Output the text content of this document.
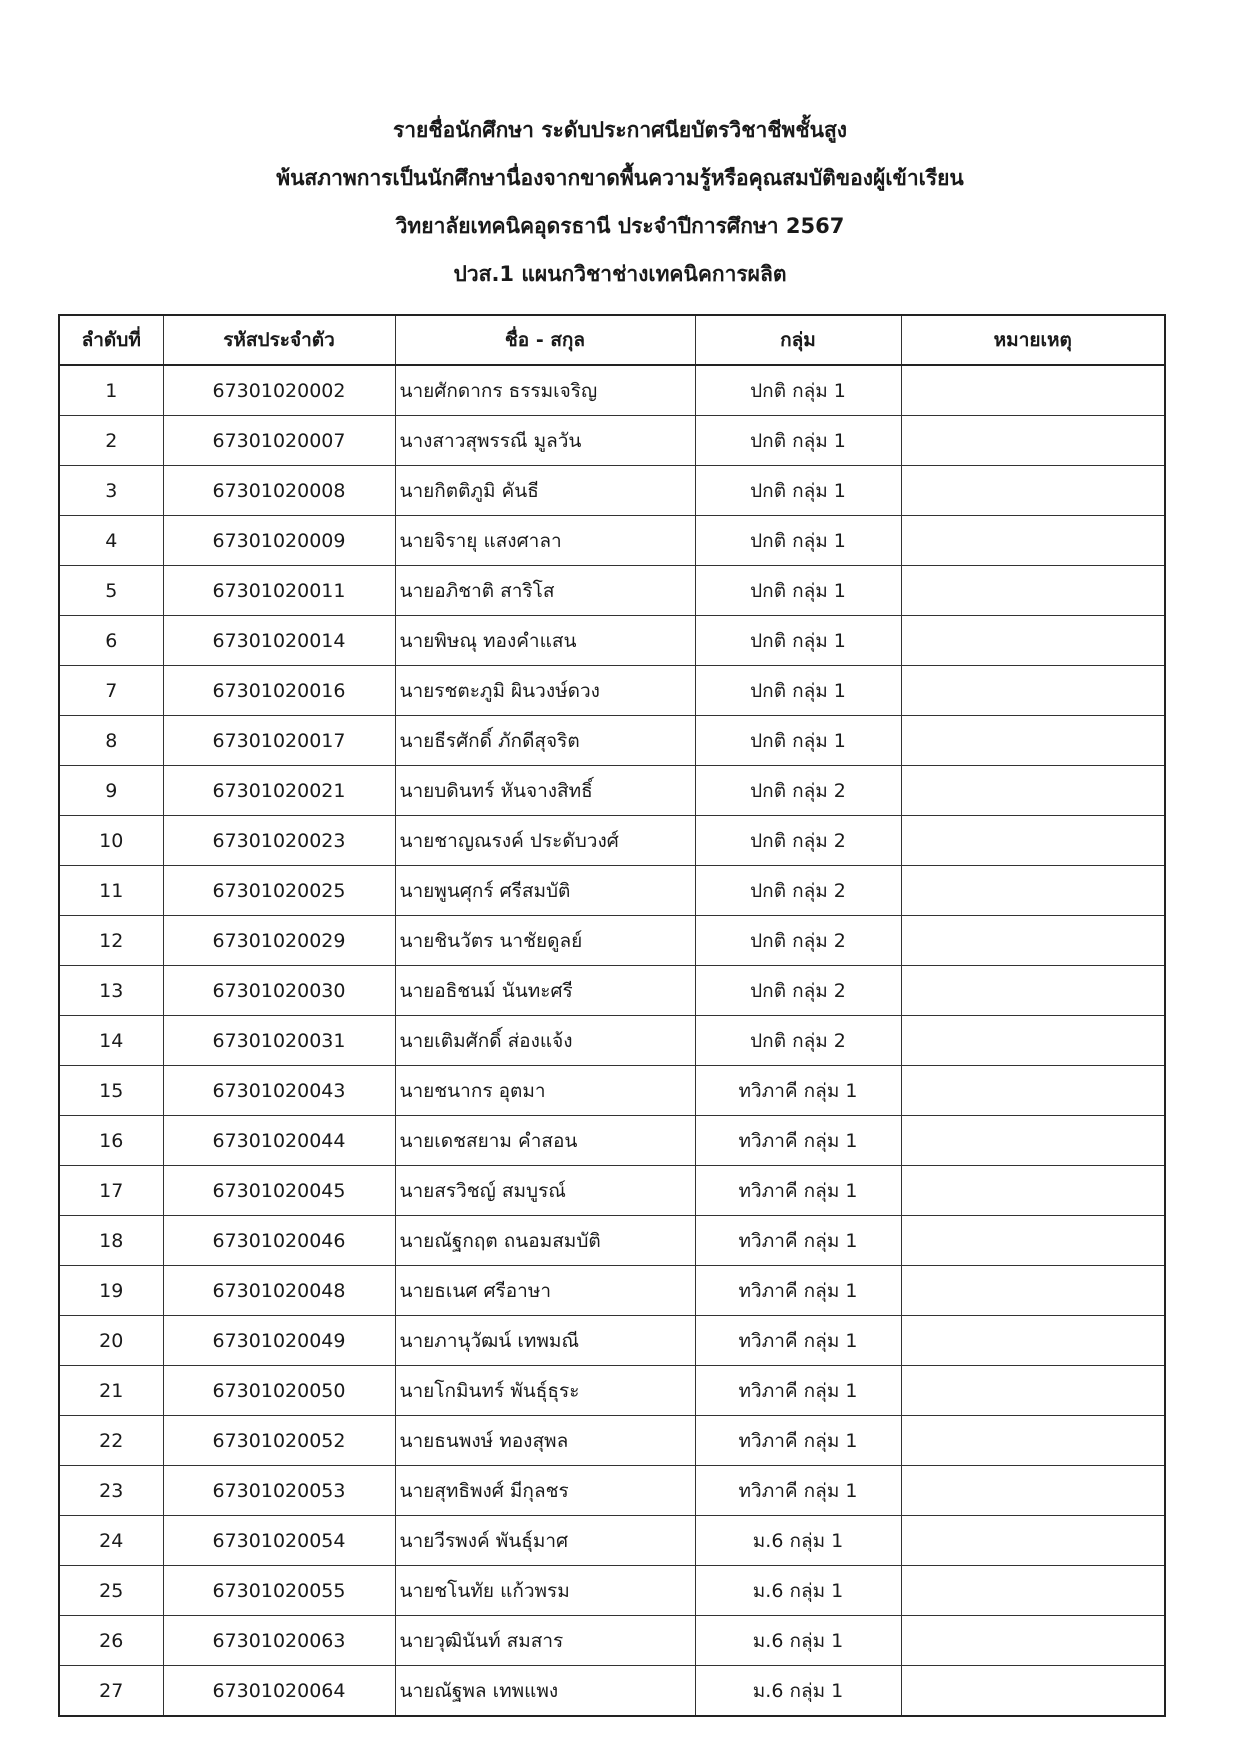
รายชื่อนักศึกษา ระดับประกาศนียบัตรวิชาชีพชั้นสูง
พ้นสภาพการเป็นนักศึกษานื่องจากขาดพื้นความรู้หรือคุณสมบัติของผู้เข้าเรียน
วิทยาลัยเทคนิคอุดรธานี ประจำปีการศึกษา 2567
ปวส.1 แผนกวิชาช่างเทคนิคการผลิต
ลำดับที่	รหัสประจำตัว	ชื่อ - สกุล	กลุ่ม	หมายเหตุ
1	67301020002	นายศักดากร ธรรมเจริญ	ปกติ กลุ่ม 1	
2	67301020007	นางสาวสุพรรณี มูลวัน	ปกติ กลุ่ม 1	
3	67301020008	นายกิตติภูมิ คันธี	ปกติ กลุ่ม 1	
4	67301020009	นายจิรายุ แสงศาลา	ปกติ กลุ่ม 1	
5	67301020011	นายอภิชาติ สาริโส	ปกติ กลุ่ม 1	
6	67301020014	นายพิษณุ ทองคำแสน	ปกติ กลุ่ม 1	
7	67301020016	นายรชตะภูมิ ผินวงษ์ดวง	ปกติ กลุ่ม 1	
8	67301020017	นายธีรศักดิ์ ภักดีสุจริต	ปกติ กลุ่ม 1	
9	67301020021	นายบดินทร์ หันจางสิทธิ์	ปกติ กลุ่ม 2	
10	67301020023	นายชาญณรงค์ ประดับวงศ์	ปกติ กลุ่ม 2	
11	67301020025	นายพูนศุกร์ ศรีสมบัติ	ปกติ กลุ่ม 2	
12	67301020029	นายชินวัตร นาชัยดูลย์	ปกติ กลุ่ม 2	
13	67301020030	นายอธิชนม์ นันทะศรี	ปกติ กลุ่ม 2	
14	67301020031	นายเติมศักดิ์ ส่องแจ้ง	ปกติ กลุ่ม 2	
15	67301020043	นายชนากร อุตมา	ทวิภาคี กลุ่ม 1	
16	67301020044	นายเดชสยาม คำสอน	ทวิภาคี กลุ่ม 1	
17	67301020045	นายสรวิชญ์ สมบูรณ์	ทวิภาคี กลุ่ม 1	
18	67301020046	นายณัฐกฤต ถนอมสมบัติ	ทวิภาคี กลุ่ม 1	
19	67301020048	นายธเนศ ศรีอาษา	ทวิภาคี กลุ่ม 1	
20	67301020049	นายภานุวัฒน์ เทพมณี	ทวิภาคี กลุ่ม 1	
21	67301020050	นายโกมินทร์ พันธุ์ธุระ	ทวิภาคี กลุ่ม 1	
22	67301020052	นายธนพงษ์ ทองสุพล	ทวิภาคี กลุ่ม 1	
23	67301020053	นายสุทธิพงศ์ มีกุลชร	ทวิภาคี กลุ่ม 1	
24	67301020054	นายวีรพงค์ พันธุ์มาศ	ม.6 กลุ่ม 1	
25	67301020055	นายชโนทัย แก้วพรม	ม.6 กลุ่ม 1	
26	67301020063	นายวุฒินันท์ สมสาร	ม.6 กลุ่ม 1	
27	67301020064	นายณัฐพล เทพแพง	ม.6 กลุ่ม 1	
